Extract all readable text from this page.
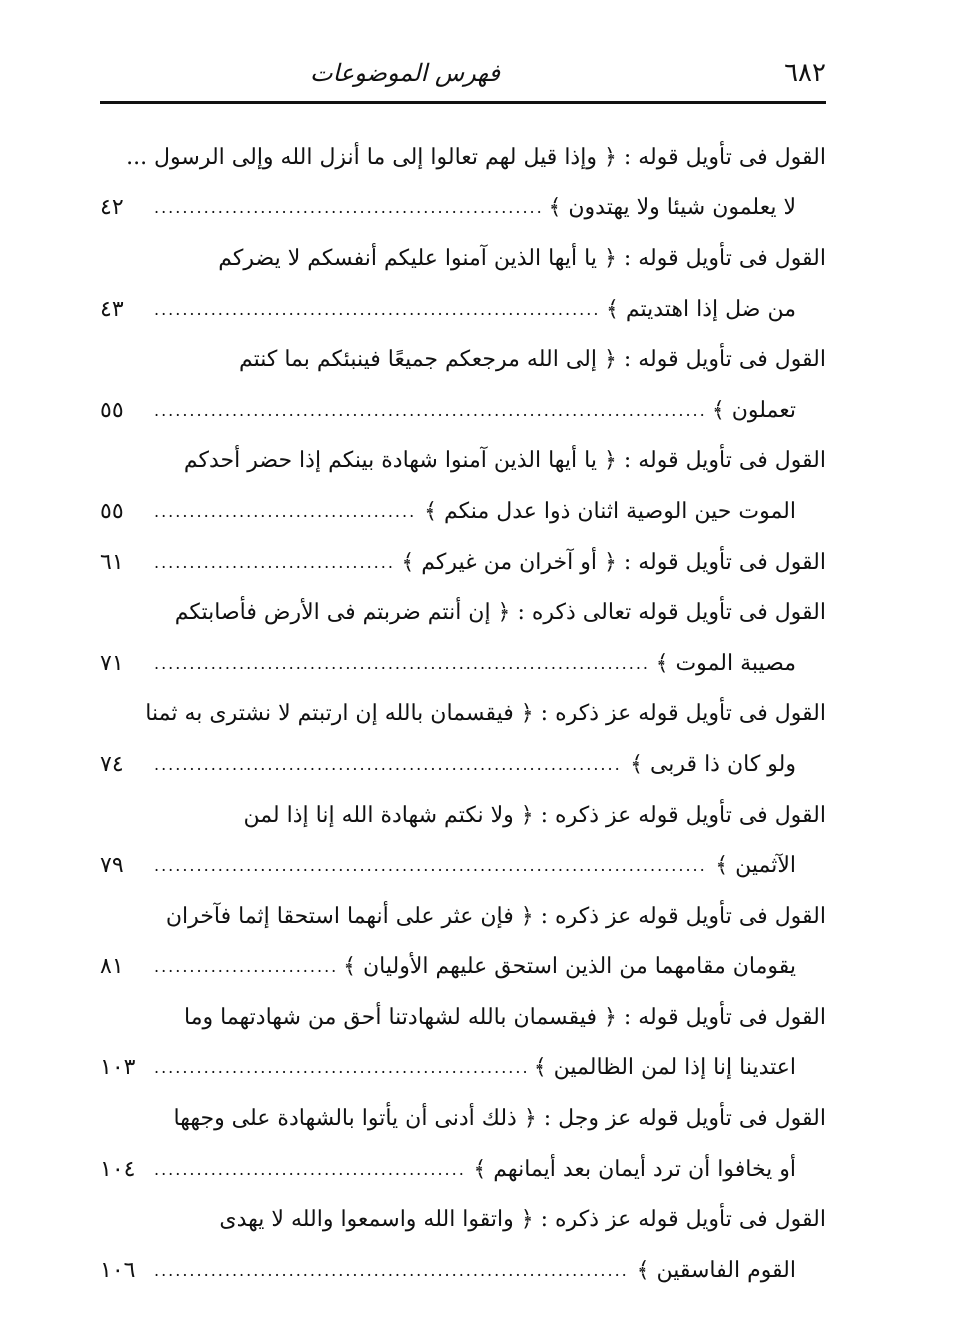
٦٨٢
فهرس الموضوعات
القول فى تأويل قوله : ﴿ وإذا قيل لهم تعالوا إلى ما أنزل الله وإلى الرسول ...
لا يعلمون شيئا ولا يهتدون ﴾
.....
٤٢
القول فى تأويل قوله : ﴿ يا أيها الذين آمنوا عليكم أنفسكم لا يضركم
من ضل إذا اهتديتم ﴾
.....
٤٣
القول فى تأويل قوله : ﴿ إلى الله مرجعكم جميعًا فينبئكم بما كنتم
تعملون ﴾
.....
٥٥
القول فى تأويل قوله : ﴿ يا أيها الذين آمنوا شهادة بينكم إذا حضر أحدكم
الموت حين الوصية اثنان ذوا عدل منكم ﴾
.....
٥٥
القول فى تأويل قوله : ﴿ أو آخران من غيركم ﴾
.....
٦١
القول فى تأويل قوله تعالى ذكره : ﴿ إن أنتم ضربتم فى الأرض فأصابتكم
مصيبة الموت ﴾
.....
٧١
القول فى تأويل قوله عز ذكره : ﴿ فيقسمان بالله إن ارتبتم لا نشترى به ثمنا
ولو كان ذا قربى ﴾
.....
٧٤
القول فى تأويل قوله عز ذكره : ﴿ ولا نكتم شهادة الله إنا إذا لمن
الآثمين ﴾
.....
٧٩
القول فى تأويل قوله عز ذكره : ﴿ فإن عثر على أنهما استحقا إثما فآخران
يقومان مقامهما من الذين استحق عليهم الأوليان ﴾
.....
٨١
القول فى تأويل قوله : ﴿ فيقسمان بالله لشهادتنا أحق من شهادتهما وما
اعتدينا إنا إذا لمن الظالمين ﴾
.....
١٠٣
القول فى تأويل قوله عز وجل : ﴿ ذلك أدنى أن يأتوا بالشهادة على وجهها
أو يخافوا أن ترد أيمان بعد أيمانهم ﴾
.....
١٠٤
القول فى تأويل قوله عز ذكره : ﴿ واتقوا الله واسمعوا والله لا يهدى
القوم الفاسقين ﴾
.....
١٠٦
